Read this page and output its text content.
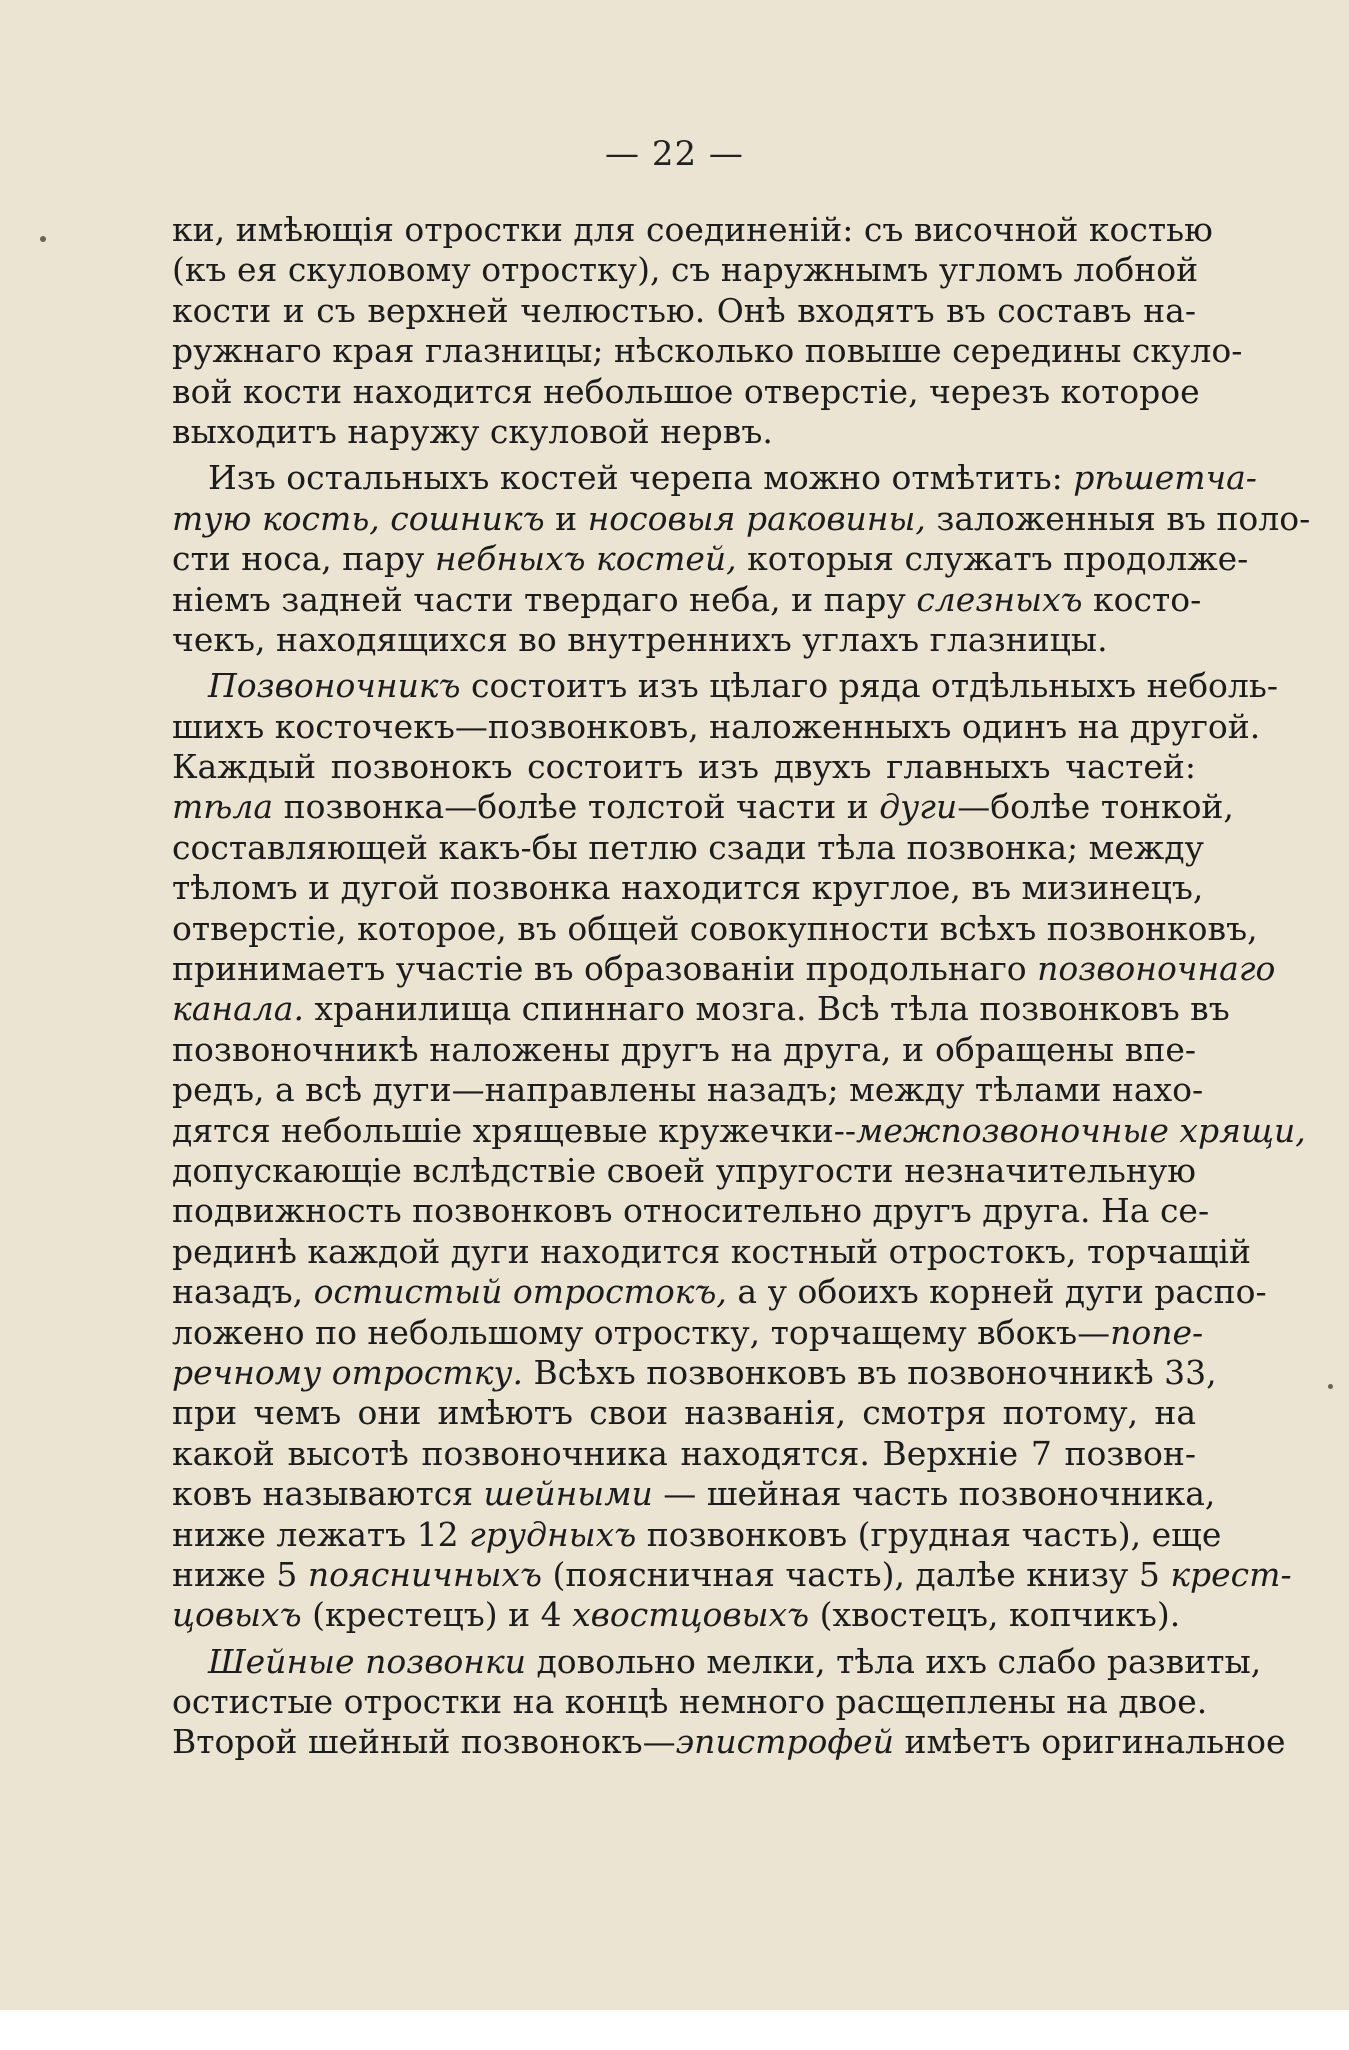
— 22 —
ки, имѣющія отростки для соединеній: съ височной костью
(къ ея скуловому отростку), съ наружнымъ угломъ лобной
кости и съ верхней челюстью. Онѣ входятъ въ составъ на-
ружнаго края глазницы; нѣсколько повыше середины скуло-
вой кости находится небольшое отверстіе, черезъ которое
выходитъ наружу скуловой нервъ.
Изъ остальныхъ костей черепа можно отмѣтить: рѣшетча-
тую кость, сошникъ и носовыя раковины, заложенныя въ поло-
сти носа, пару небныхъ костей, которыя служатъ продолже-
ніемъ задней части твердаго неба, и пару слезныхъ косто-
чекъ, находящихся во внутреннихъ углахъ глазницы.
Позвоночникъ состоитъ изъ цѣлаго ряда отдѣльныхъ неболь-
шихъ косточекъ—позвонковъ, наложенныхъ одинъ на другой.
Каждый позвонокъ состоитъ изъ двухъ главныхъ частей:
тѣла позвонка—болѣе толстой части и дуги—болѣе тонкой,
составляющей какъ-бы петлю сзади тѣла позвонка; между
тѣломъ и дугой позвонка находится круглое, въ мизинецъ,
отверстіе, которое, въ общей совокупности всѣхъ позвонковъ,
принимаетъ участіе въ образованіи продольнаго позвоночнаго
канала. хранилища спиннаго мозга. Всѣ тѣла позвонковъ въ
позвоночникѣ наложены другъ на друга, и обращены впе-
редъ, а всѣ дуги—направлены назадъ; между тѣлами нахо-
дятся небольшіе хрящевые кружечки--межпозвоночные хрящи,
допускающіе вслѣдствіе своей упругости незначительную
подвижность позвонковъ относительно другъ друга. На се-
рединѣ каждой дуги находится костный отростокъ, торчащій
назадъ, остистый отростокъ, а у обоихъ корней дуги распо-
ложено по небольшому отростку, торчащему вбокъ—попе-
речному отростку. Всѣхъ позвонковъ въ позвоночникѣ 33,
при чемъ они имѣютъ свои названія, смотря потому, на
какой высотѣ позвоночника находятся. Верхніе 7 позвон-
ковъ называются шейными — шейная часть позвоночника,
ниже лежатъ 12 грудныхъ позвонковъ (грудная часть), еще
ниже 5 поясничныхъ (поясничная часть), далѣе книзу 5 крест-
цовыхъ (крестецъ) и 4 хвостцовыхъ (хвостецъ, копчикъ).
Шейные позвонки довольно мелки, тѣла ихъ слабо развиты,
остистые отростки на концѣ немного расщеплены на двое.
Второй шейный позвонокъ—эпистрофей имѣетъ оригинальное
